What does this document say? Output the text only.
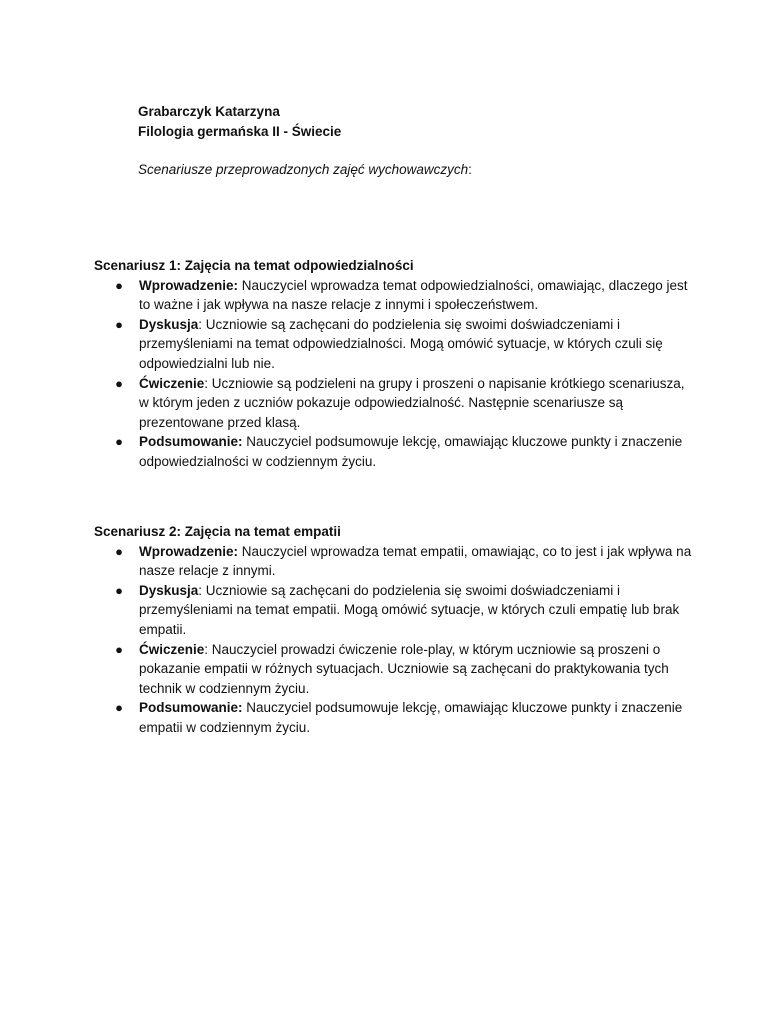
Grabarczyk Katarzyna
Filologia germańska II - Świecie
Scenariusze przeprowadzonych zajęć wychowawczych:
Scenariusz 1: Zajęcia na temat odpowiedzialności
● Wprowadzenie: Nauczyciel wprowadza temat odpowiedzialności, omawiając, dlaczego jest to ważne i jak wpływa na nasze relacje z innymi i społeczeństwem.
● Dyskusja: Uczniowie są zachęcani do podzielenia się swoimi doświadczeniami i przemyśleniami na temat odpowiedzialności. Mogą omówić sytuacje, w których czuli się odpowiedzialni lub nie.
● Ćwiczenie: Uczniowie są podzieleni na grupy i proszeni o napisanie krótkiego scenariusza, w którym jeden z uczniów pokazuje odpowiedzialność. Następnie scenariusze są prezentowane przed klasą.
● Podsumowanie: Nauczyciel podsumowuje lekcję, omawiając kluczowe punkty i znaczenie odpowiedzialności w codziennym życiu.
Scenariusz 2: Zajęcia na temat empatii
● Wprowadzenie: Nauczyciel wprowadza temat empatii, omawiając, co to jest i jak wpływa na nasze relacje z innymi.
● Dyskusja: Uczniowie są zachęcani do podzielenia się swoimi doświadczeniami i przemyśleniami na temat empatii. Mogą omówić sytuacje, w których czuli empatię lub brak empatii.
● Ćwiczenie: Nauczyciel prowadzi ćwiczenie role-play, w którym uczniowie są proszeni o pokazanie empatii w różnych sytuacjach. Uczniowie są zachęcani do praktykowania tych technik w codziennym życiu.
● Podsumowanie: Nauczyciel podsumowuje lekcję, omawiając kluczowe punkty i znaczenie empatii w codziennym życiu.
